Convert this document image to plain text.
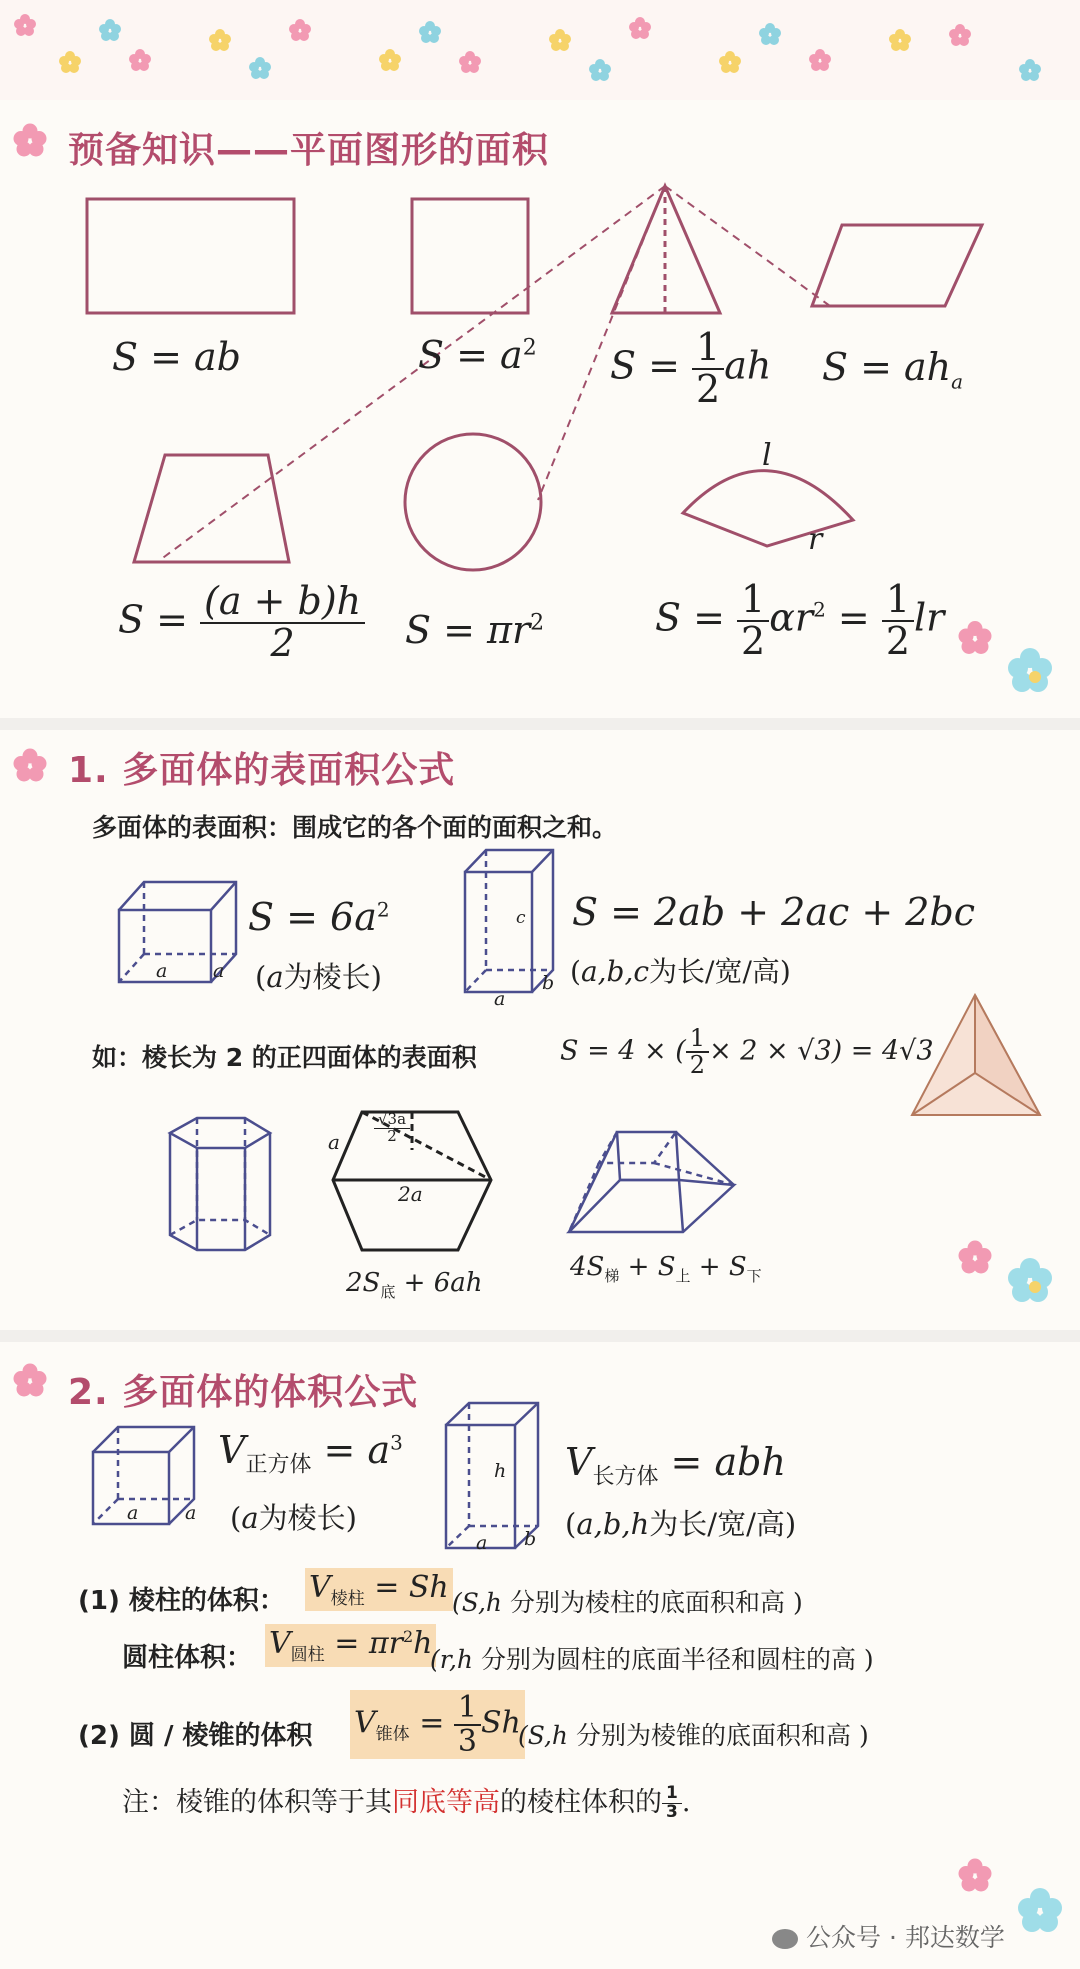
预备知识——平面图形的面积
S = ab	$S = a^2$ $S = \frac{1}{2}$ ah $S = ah_a$
$S = \frac{(a + b)h}{2}$ $S = \pi r^2$
l
r
$S = \frac{1}{2} \alpha r^2 = \frac{1}{2}$ lr
1. 多面体的表面积公式
多面体的表面积：围成它的各个面的面积之和。
a a
$S = 6a^2$
(a为棱长)
c
a
b
S = 2ab + 2ac + 2bc
(a,b,c为长/宽/高)
如：棱长为 2 的正四面体的表面积	S = 4 × ( $\frac{1}{2} \times 2 \times √3) = 4√3$
a $\frac{√3a}{2}$
2a
$2S_底 + 6ah$
$4S_梯 + S_上 + S_下$
2. 多面体的体积公式
a a
$V_{正方体} = a^3$
(a为棱长)
h
a b
$V_{长方体}$ = abh
(a,b,h为长/宽/高)
(1) 棱柱的体积： $V_{棱柱} = Sh$ (S,h 分别为棱柱的底面积和高 )
圆柱体积： $V_{圆柱} = \pi r^2h$
(r,h 分别为圆柱的底面半径和圆柱的高 )
(2) 圆 / 棱锥的体积 $V_{锥体} = \frac{1}{3}$ Sh
(S,h 分别为棱锥的底面积和高 )
注：棱锥的体积等于其同底等高的棱柱体积的 $\frac{1}{3}$ .
公众号 · 邦达数学
